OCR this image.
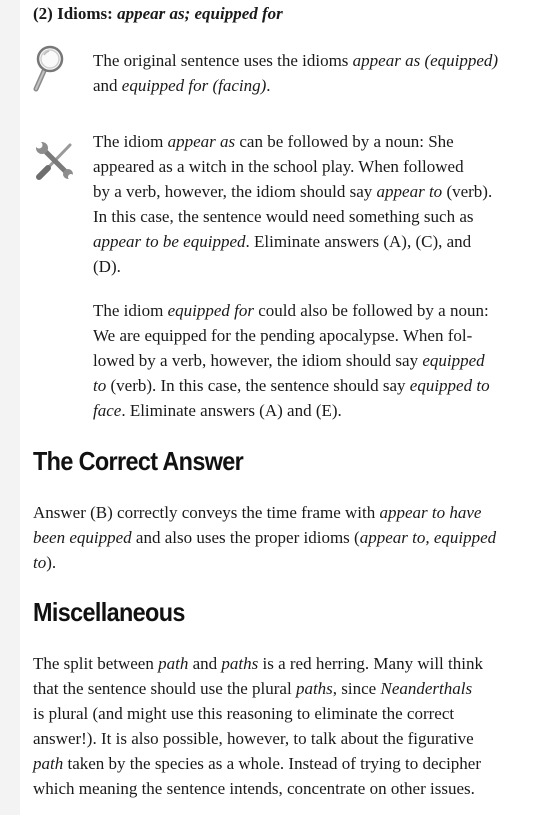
(2) Idioms: appear as; equipped for
The original sentence uses the idioms appear as (equipped)
and equipped for (facing).
The idiom appear as can be followed by a noun: She
appeared as a witch in the school play. When followed
by a verb, however, the idiom should say appear to (verb).
In this case, the sentence would need something such as
appear to be equipped. Eliminate answers (A), (C), and
(D).
The idiom equipped for could also be followed by a noun:
We are equipped for the pending apocalypse. When fol-
lowed by a verb, however, the idiom should say equipped
to (verb). In this case, the sentence should say equipped to
face. Eliminate answers (A) and (E).
The Correct Answer
Answer (B) correctly conveys the time frame with appear to have
been equipped and also uses the proper idioms (appear to, equipped
to).
Miscellaneous
The split between path and paths is a red herring. Many will think
that the sentence should use the plural paths, since Neanderthals
is plural (and might use this reasoning to eliminate the correct
answer!). It is also possible, however, to talk about the figurative
path taken by the species as a whole. Instead of trying to decipher
which meaning the sentence intends, concentrate on other issues.
